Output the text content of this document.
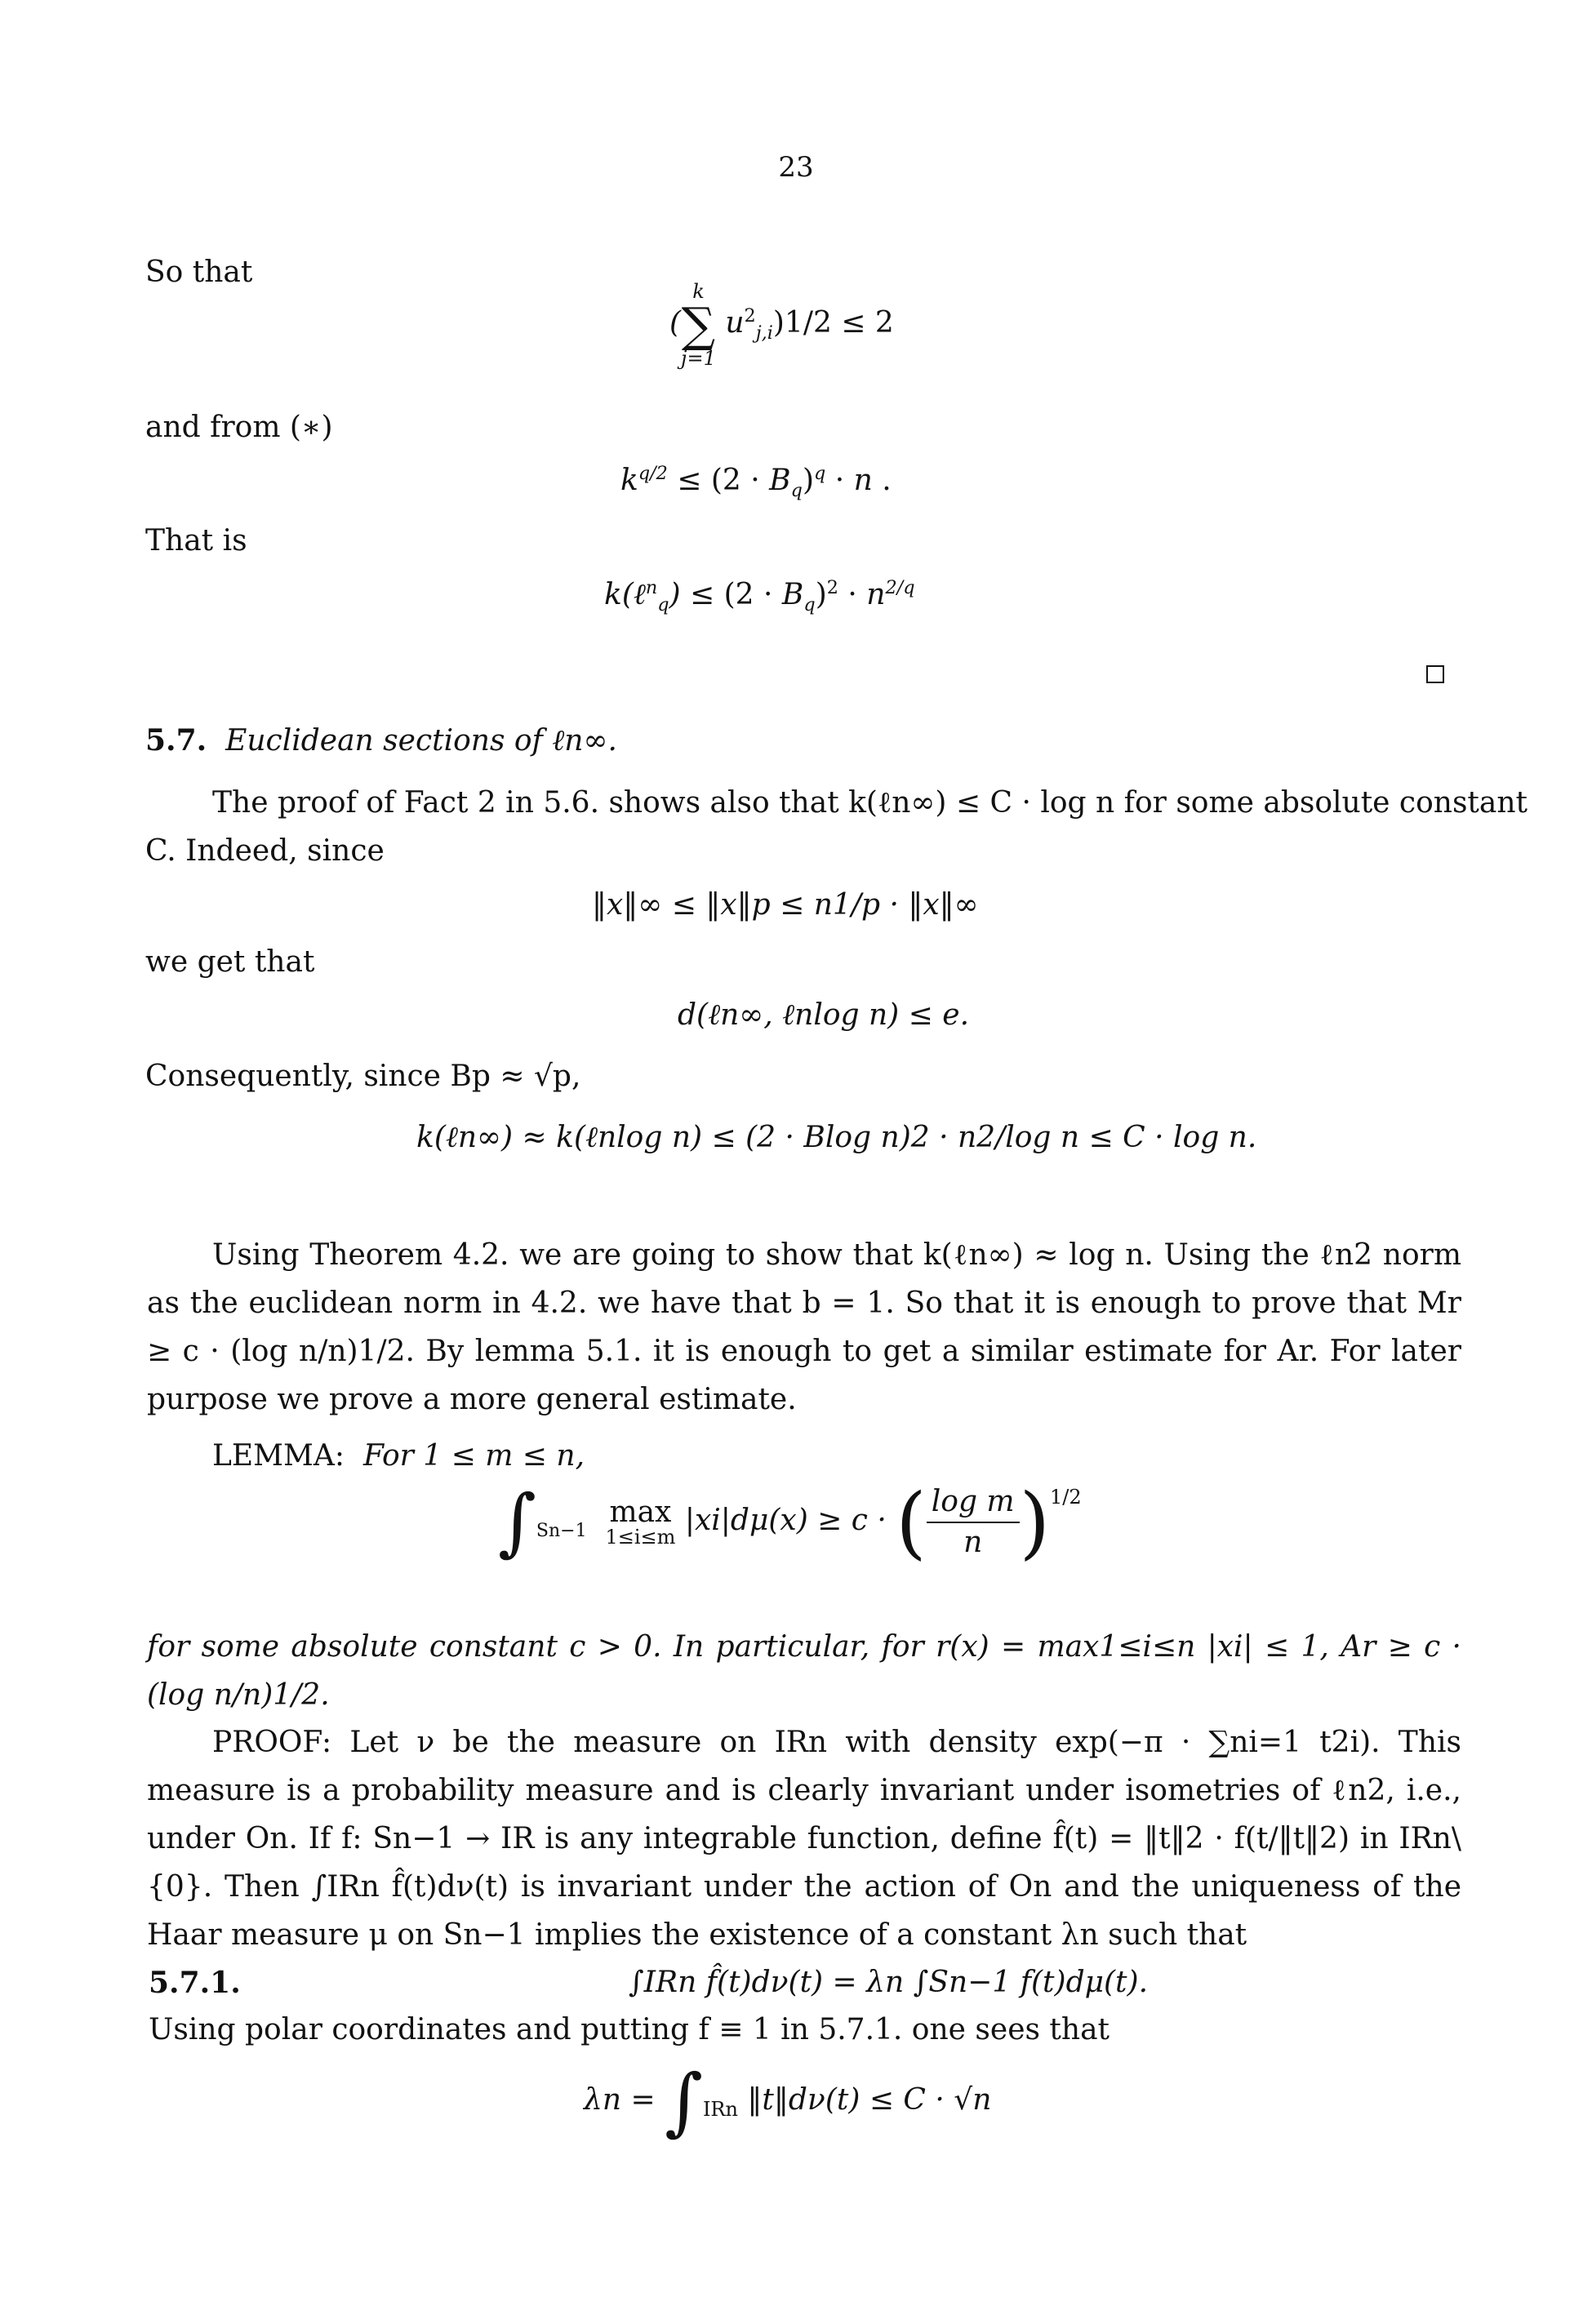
23
So that
(
k
∑
j=1
$u^2_{j,i})1/2 \le 2$
and from (∗)
$k^{q/2} \le (2 \cdot B_q)^q \cdot n$ .
That is
k(ℓ$^n_q$) ≤ $(2 \cdot B_q)^2 \cdot n^{2/q}$
5.7. Euclidean sections of ℓn∞.
The proof of Fact 2 in 5.6. shows also that k(ℓn∞) ≤ C · log n for some absolute constant
C. Indeed, since
‖x‖∞ ≤ ‖x‖p ≤ n1/p · ‖x‖∞
we get that
d(ℓn∞, ℓnlog n) ≤ e.
Consequently, since Bp ≈ √p,
k(ℓn∞) ≈ k(ℓnlog n) ≤ (2 · Blog n)2 · n2/log n ≤ C · log n.
Using Theorem 4.2. we are going to show that k(ℓn∞) ≈ log n. Using the ℓn2 norm as the euclidean norm in 4.2. we have that b = 1. So that it is enough to prove that Mr ≥ c · (log n/n)1/2. By lemma 5.1. it is enough to get a similar estimate for Ar. For later purpose we prove a more general estimate.
LEMMA: For 1 ≤ m ≤ n,
$\int_{Sn-1}$  max
1≤i≤m |xi|dμ(x) ≥ c · ( $\frac{\text{log m}}{n} )^{1/2}$
for some absolute constant c > 0. In particular, for r(x) = max1≤i≤n |xi| ≤ 1, Ar ≥ c · (log n/n)1/2.
PROOF: Let ν be the measure on IRn with density exp(−π · ∑ni=1 t2i). This measure is a probability measure and is clearly invariant under isometries of ℓn2, i.e., under On. If f: Sn−1 → IR is any integrable function, define f̂(t) = ‖t‖2 · f(t/‖t‖2) in IRn\{0}. Then ∫IRn f̂(t)dν(t) is invariant under the action of On and the uniqueness of the Haar measure μ on Sn−1 implies the existence of a constant λn such that
5.7.1.	∫IRn f̂(t)dν(t) = λn ∫Sn−1 f(t)dμ(t).
Using polar coordinates and putting f ≡ 1 in 5.7.1. one sees that
$\lambda n = \int_{IRn}$ ‖t‖dν(t) ≤ C · √n
